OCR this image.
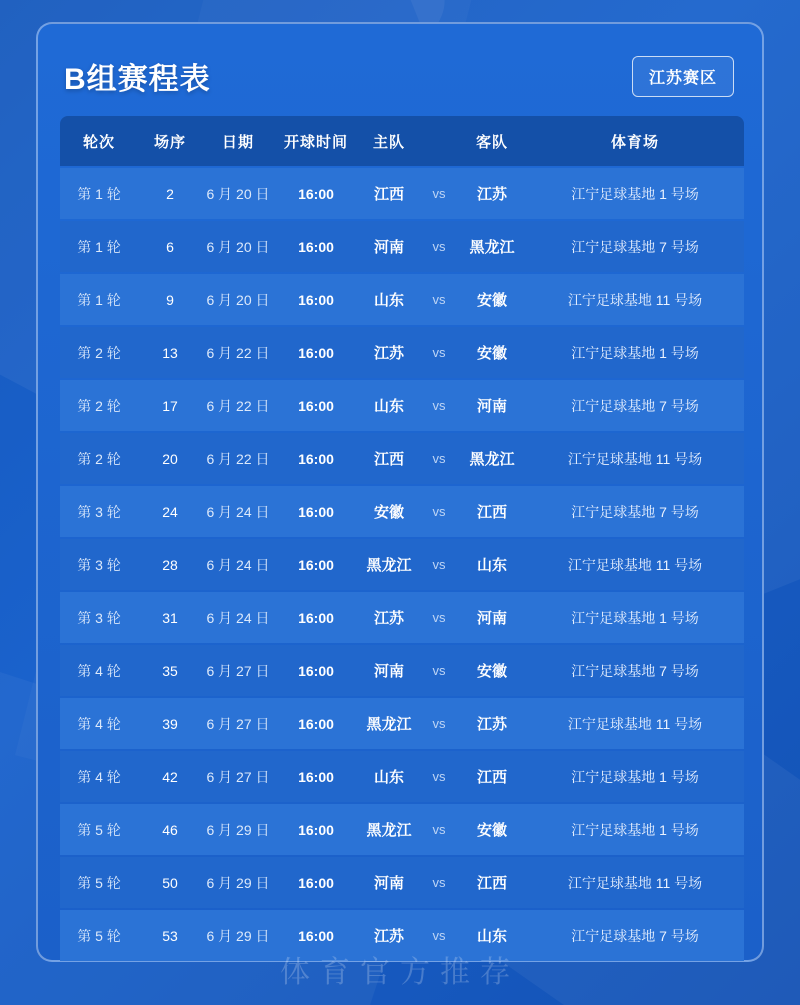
B组赛程表	江苏赛区
轮次	场序	日期	开球时间	主队		客队	体育场
第 1 轮	2	6 月 20 日	16:00	江西	vs	江苏	江宁足球基地 1 号场
第 1 轮	6	6 月 20 日	16:00	河南	vs	黑龙江	江宁足球基地 7 号场
第 1 轮	9	6 月 20 日	16:00	山东	vs	安徽	江宁足球基地 11 号场
第 2 轮	13	6 月 22 日	16:00	江苏	vs	安徽	江宁足球基地 1 号场
第 2 轮	17	6 月 22 日	16:00	山东	vs	河南	江宁足球基地 7 号场
第 2 轮	20	6 月 22 日	16:00	江西	vs	黑龙江	江宁足球基地 11 号场
第 3 轮	24	6 月 24 日	16:00	安徽	vs	江西	江宁足球基地 7 号场
第 3 轮	28	6 月 24 日	16:00	黑龙江	vs	山东	江宁足球基地 11 号场
第 3 轮	31	6 月 24 日	16:00	江苏	vs	河南	江宁足球基地 1 号场
第 4 轮	35	6 月 27 日	16:00	河南	vs	安徽	江宁足球基地 7 号场
第 4 轮	39	6 月 27 日	16:00	黑龙江	vs	江苏	江宁足球基地 11 号场
第 4 轮	42	6 月 27 日	16:00	山东	vs	江西	江宁足球基地 1 号场
第 5 轮	46	6 月 29 日	16:00	黑龙江	vs	安徽	江宁足球基地 1 号场
第 5 轮	50	6 月 29 日	16:00	河南	vs	江西	江宁足球基地 11 号场
第 5 轮	53	6 月 29 日	16:00	江苏	vs	山东	江宁足球基地 7 号场
体育官方推荐
